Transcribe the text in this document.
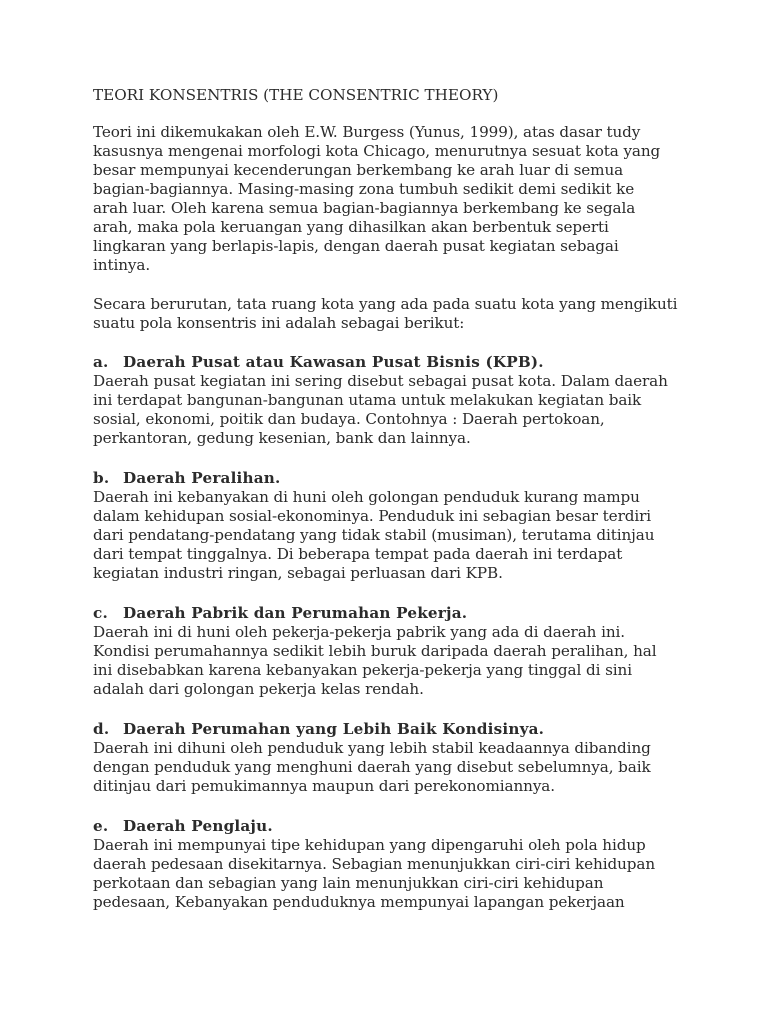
TEORI KONSENTRIS (THE CONSENTRIC THEORY)
Teori ini dikemukakan oleh E.W. Burgess (Yunus, 1999), atas dasar tudy
kasusnya mengenai morfologi kota Chicago, menurutnya sesuat kota yang
besar mempunyai kecenderungan berkembang ke arah luar di semua
bagian-bagiannya. Masing-masing zona tumbuh sedikit demi sedikit ke
arah luar. Oleh karena semua bagian-bagiannya berkembang ke segala
arah, maka pola keruangan yang dihasilkan akan berbentuk seperti
lingkaran yang berlapis-lapis, dengan daerah pusat kegiatan sebagai
intinya.
Secara berurutan, tata ruang kota yang ada pada suatu kota yang mengikuti
suatu pola konsentris ini adalah sebagai berikut:
a. Daerah Pusat atau Kawasan Pusat Bisnis (KPB).
Daerah pusat kegiatan ini sering disebut sebagai pusat kota. Dalam daerah
ini terdapat bangunan-bangunan utama untuk melakukan kegiatan baik
sosial, ekonomi, poitik dan budaya. Contohnya : Daerah pertokoan,
perkantoran, gedung kesenian, bank dan lainnya.
b. Daerah Peralihan.
Daerah ini kebanyakan di huni oleh golongan penduduk kurang mampu
dalam kehidupan sosial-ekonominya. Penduduk ini sebagian besar terdiri
dari pendatang-pendatang yang tidak stabil (musiman), terutama ditinjau
dari tempat tinggalnya. Di beberapa tempat pada daerah ini terdapat
kegiatan industri ringan, sebagai perluasan dari KPB.
c. Daerah Pabrik dan Perumahan Pekerja.
Daerah ini di huni oleh pekerja-pekerja pabrik yang ada di daerah ini.
Kondisi perumahannya sedikit lebih buruk daripada daerah peralihan, hal
ini disebabkan karena kebanyakan pekerja-pekerja yang tinggal di sini
adalah dari golongan pekerja kelas rendah.
d. Daerah Perumahan yang Lebih Baik Kondisinya.
Daerah ini dihuni oleh penduduk yang lebih stabil keadaannya dibanding
dengan penduduk yang menghuni daerah yang disebut sebelumnya, baik
ditinjau dari pemukimannya maupun dari perekonomiannya.
e. Daerah Penglaju.
Daerah ini mempunyai tipe kehidupan yang dipengaruhi oleh pola hidup
daerah pedesaan disekitarnya. Sebagian menunjukkan ciri-ciri kehidupan
perkotaan dan sebagian yang lain menunjukkan ciri-ciri kehidupan
pedesaan, Kebanyakan penduduknya mempunyai lapangan pekerjaan
